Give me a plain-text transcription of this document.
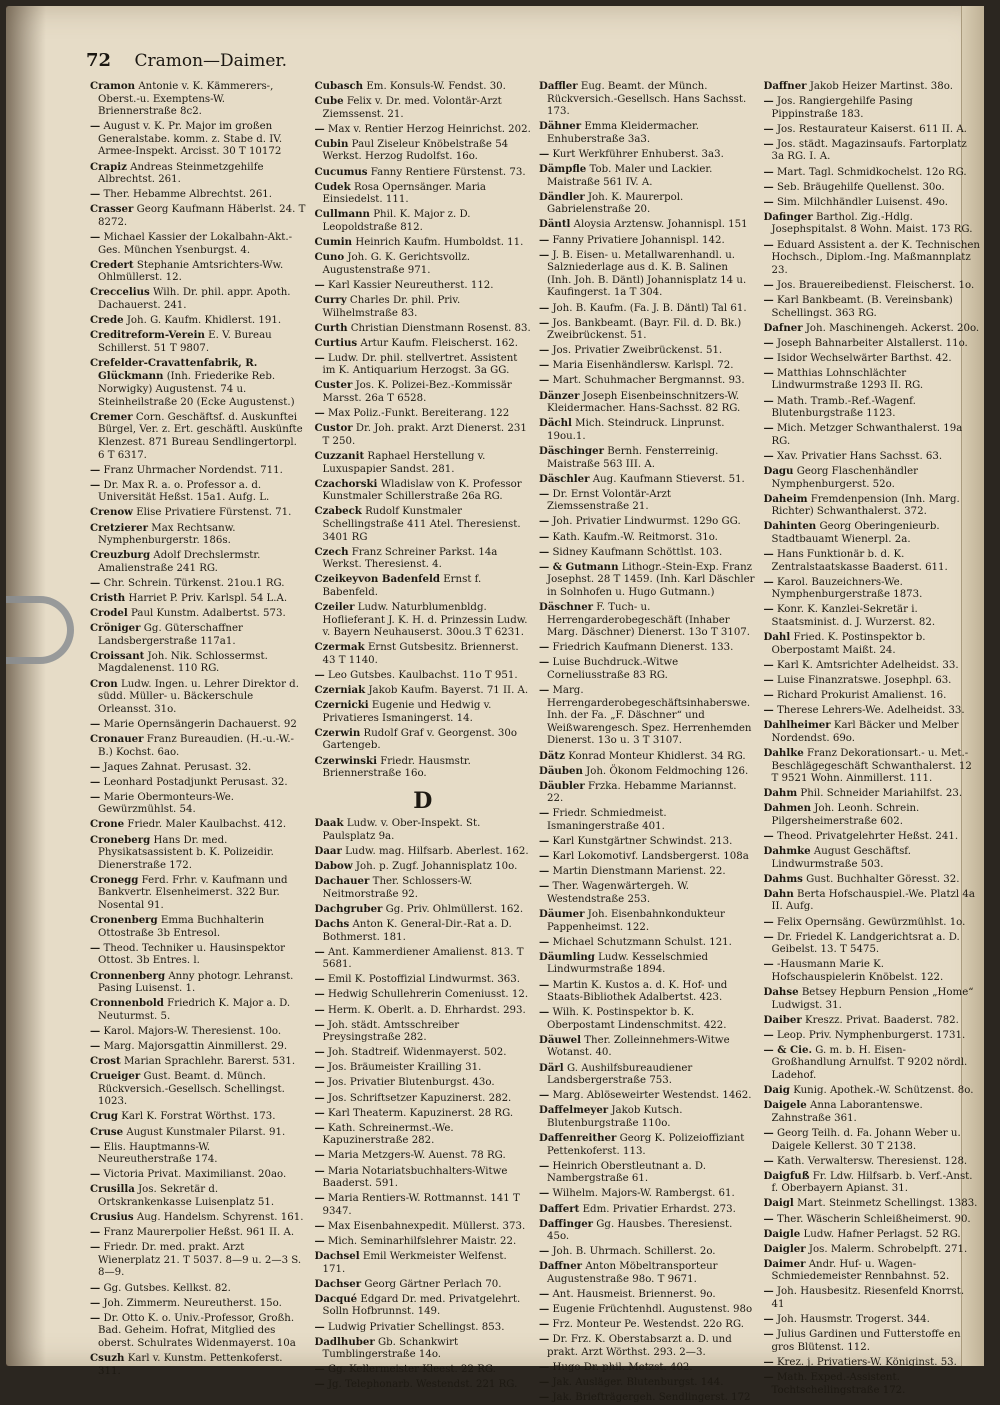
72 Cramon—Daimer.
Cramon Antonie v. K. Kämmerers-, Oberst.-u. Exemptens-W. Briennerstraße 8c2.
— August v. K. Pr. Major im großen Generalstabe. komm. z. Stabe d. IV. Armee-Inspekt. Arcisst. 30 T 10172
Crapiz Andreas Steinmetzgehilfe Albrechtst. 261.
— Ther. Hebamme Albrechtst. 261.
Crasser Georg Kaufmann Häberlst. 24. T 8272.
— Michael Kassier der Lokalbahn-Akt.-Ges. München Ysenburgst. 4.
Credert Stephanie Amtsrichters-Ww. Ohlmüllerst. 12.
Creccelius Wilh. Dr. phil. appr. Apoth. Dachauerst. 241.
Crede Joh. G. Kaufm. Khidlerst. 191.
Creditreform-Verein E. V. Bureau Schillerst. 51 T 9807.
Crefelder-Cravattenfabrik, R. Glückmann (Inh. Friederike Reb. Norwigky) Augustenst. 74 u. Steinheilstraße 20 (Ecke Augustenst.)
Cremer Corn. Geschäftsf. d. Auskunftei Bürgel, Ver. z. Ert. geschäftl. Auskünfte Klenzest. 871 Bureau Sendlingertorpl. 6 T 6317.
— Franz Uhrmacher Nordendst. 711.
— Dr. Max R. a. o. Professor a. d. Universität Heßst. 15a1. Aufg. L.
Crenow Elise Privatiere Fürstenst. 71.
Cretzierer Max Rechtsanw. Nymphenburgerstr. 186s.
Creuzburg Adolf Drechslermstr. Amalienstraße 241 RG.
— Chr. Schrein. Türkenst. 21ou.1 RG.
Cristh Harriet P. Priv. Karlspl. 54 L.A.
Crodel Paul Kunstm. Adalbertst. 573.
Cröniger Gg. Güterschaffner Landsbergerstraße 117a1.
Croissant Joh. Nik. Schlossermst. Magdalenenst. 110 RG.
Cron Ludw. Ingen. u. Lehrer Direktor d. südd. Müller- u. Bäckerschule Orleansst. 31o.
— Marie Opernsängerin Dachauerst. 92
Cronauer Franz Bureaudien. (H.-u.-W.-B.) Kochst. 6ao.
— Jaques Zahnat. Perusast. 32.
— Leonhard Postadjunkt Perusast. 32.
— Marie Obermonteurs-We. Gewürzmühlst. 54.
Crone Friedr. Maler Kaulbachst. 412.
Croneberg Hans Dr. med. Physikatsassistent b. K. Polizeidir. Dienerstraße 172.
Cronegg Ferd. Frhr. v. Kaufmann und Bankvertr. Elsenheimerst. 322 Bur. Nosental 91.
Cronenberg Emma Buchhalterin Ottostraße 3b Entresol.
— Theod. Techniker u. Hausinspektor Ottost. 3b Entres. l.
Cronnenberg Anny photogr. Lehranst. Pasing Luisenst. 1.
Cronnenbold Friedrich K. Major a. D. Neuturmst. 5.
— Karol. Majors-W. Theresienst. 10o.
— Marg. Majorsgattin Ainmillerst. 29.
Crost Marian Sprachlehr. Barerst. 531.
Crueiger Gust. Beamt. d. Münch. Rückversich.-Gesellsch. Schellingst. 1023.
Crug Karl K. Forstrat Wörthst. 173.
Cruse August Kunstmaler Pilarst. 91.
— Elis. Hauptmanns-W. Neureutherstraße 174.
— Victoria Privat. Maximilianst. 20ao.
Crusilla Jos. Sekretär d. Ortskrankenkasse Luisenplatz 51.
Crusius Aug. Handelsm. Schyrenst. 161.
— Franz Maurerpolier Heßst. 961 II. A.
— Friedr. Dr. med. prakt. Arzt Wienerplatz 21. T 5037. 8—9 u. 2—3 S. 8—9.
— Gg. Gutsbes. Kellkst. 82.
— Joh. Zimmerm. Neureutherst. 15o.
— Dr. Otto K. o. Univ.-Professor, Großh. Bad. Geheim. Hofrat, Mitglied des oberst. Schulrates Widenmayerst. 10a
Csuzh Karl v. Kunstm. Pettenkoferst. 311.
Cubasch Em. Konsuls-W. Fendst. 30.
Cube Felix v. Dr. med. Volontär-Arzt Ziemssenst. 21.
— Max v. Rentier Herzog Heinrichst. 202.
Cubin Paul Ziseleur Knöbelstraße 54 Werkst. Herzog Rudolfst. 16o.
Cucumus Fanny Rentiere Fürstenst. 73.
Cudek Rosa Opernsänger. Maria Einsiedelst. 111.
Cullmann Phil. K. Major z. D. Leopoldstraße 812.
Cumin Heinrich Kaufm. Humboldst. 11.
Cuno Joh. G. K. Gerichtsvollz. Augustenstraße 971.
— Karl Kassier Neureutherst. 112.
Curry Charles Dr. phil. Priv. Wilhelmstraße 83.
Curth Christian Dienstmann Rosenst. 83.
Curtius Artur Kaufm. Fleischerst. 162.
— Ludw. Dr. phil. stellvertret. Assistent im K. Antiquarium Herzogst. 3a GG.
Custer Jos. K. Polizei-Bez.-Kommissär Marsst. 26a T 6528.
— Max Poliz.-Funkt. Bereiterang. 122
Custor Dr. Joh. prakt. Arzt Dienerst. 231 T 250.
Cuzzanit Raphael Herstellung v. Luxuspapier Sandst. 281.
Czachorski Wladislaw von K. Professor Kunstmaler Schillerstraße 26a RG.
Czabeck Rudolf Kunstmaler Schellingstraße 411 Atel. Theresienst. 3401 RG
Czech Franz Schreiner Parkst. 14a Werkst. Theresienst. 4.
Czeikeyvon Badenfeld Ernst f. Babenfeld.
Czeiler Ludw. Naturblumenbldg. Hoflieferant J. K. H. d. Prinzessin Ludw. v. Bayern Neuhauserst. 30ou.3 T 6231.
Czermak Ernst Gutsbesitz. Briennerst. 43 T 1140.
— Leo Gutsbes. Kaulbachst. 11o T 951.
Czerniak Jakob Kaufm. Bayerst. 71 II. A.
Czernicki Eugenie und Hedwig v. Privatieres Ismaningerst. 14.
Czerwin Rudolf Graf v. Georgenst. 30o Gartengeb.
Czerwinski Friedr. Hausmstr. Briennerstraße 16o.
D
Daak Ludw. v. Ober-Inspekt. St. Paulsplatz 9a.
Daar Ludw. mag. Hilfsarb. Aberlest. 162.
Dabow Joh. p. Zugf. Johannisplatz 10o.
Dachauer Ther. Schlossers-W. Neitmorstraße 92.
Dachgruber Gg. Priv. Ohlmüllerst. 162.
Dachs Anton K. General-Dir.-Rat a. D. Bothmerst. 181.
— Ant. Kammerdiener Amalienst. 813. T 5681.
— Emil K. Postoffizial Lindwurmst. 363.
— Hedwig Schullehrerin Comeniusst. 12.
— Herm. K. Oberlt. a. D. Ehrhardst. 293.
— Joh. städt. Amtsschreiber Preysingstraße 282.
— Joh. Stadtreif. Widenmayerst. 502.
— Jos. Bräumeister Krailling 31.
— Jos. Privatier Blutenburgst. 43o.
— Jos. Schriftsetzer Kapuzinerst. 282.
— Karl Theaterm. Kapuzinerst. 28 RG.
— Kath. Schreinermst.-We. Kapuzinerstraße 282.
— Maria Metzgers-W. Auenst. 78 RG.
— Maria Notariatsbuchhalters-Witwe Baaderst. 591.
— Maria Rentiers-W. Rottmannst. 141 T 9347.
— Max Eisenbahnexpedit. Müllerst. 373.
— Mich. Seminarhilfslehrer Maistr. 22.
Dachsel Emil Werkmeister Welfenst. 171.
Dachser Georg Gärtner Perlach 70.
Dacqué Edgard Dr. med. Privatgelehrt. Solln Hofbrunnst. 149.
— Ludwig Privatier Schellingst. 853.
Dadlhuber Gb. Schankwirt Tumblingerstraße 14o.
— Gg. Kellermeister Kleest. 22 RG.
— Jg. Telephonarb. Westendst. 221 RG.
Daffler Eug. Beamt. der Münch. Rückversich.-Gesellsch. Hans Sachsst. 173.
Dähner Emma Kleidermacher. Enhuberstraße 3a3.
— Kurt Werkführer Enhuberst. 3a3.
Dämpfle Tob. Maler und Lackier. Maistraße 561 IV. A.
Dändler Joh. K. Maurerpol. Gabrielenstraße 20.
Däntl Aloysia Arztensw. Johannispl. 151
— Fanny Privatiere Johannispl. 142.
— J. B. Eisen- u. Metallwarenhandl. u. Salzniederlage aus d. K. B. Salinen (Inh. Joh. B. Däntl) Johannisplatz 14 u. Kaufingerst. 1a T 304.
— Joh. B. Kaufm. (Fa. J. B. Däntl) Tal 61.
— Jos. Bankbeamt. (Bayr. Fil. d. D. Bk.) Zweibrückenst. 51.
— Jos. Privatier Zweibrückenst. 51.
— Maria Eisenhändlersw. Karlspl. 72.
— Mart. Schuhmacher Bergmannst. 93.
Dänzer Joseph Eisenbeinschnitzers-W. Kleidermacher. Hans-Sachsst. 82 RG.
Dächl Mich. Steindruck. Linprunst. 19ou.1.
Däschinger Bernh. Fensterreinig. Maistraße 563 III. A.
Däschler Aug. Kaufmann Stieverst. 51.
— Dr. Ernst Volontär-Arzt Ziemssenstraße 21.
— Joh. Privatier Lindwurmst. 129o GG.
— Kath. Kaufm.-W. Reitmorst. 31o.
— Sidney Kaufmann Schöttlst. 103.
— & Gutmann Lithogr.-Stein-Exp. Franz Josephst. 28 T 1459. (Inh. Karl Däschler in Solnhofen u. Hugo Gutmann.)
Däschner F. Tuch- u. Herrengarderobegeschäft (Inhaber Marg. Däschner) Dienerst. 13o T 3107.
— Friedrich Kaufmann Dienerst. 133.
— Luise Buchdruck.-Witwe Corneliusstraße 83 RG.
— Marg. Herrengarderobegeschäftsinhaberswe. Inh. der Fa. „F. Däschner“ und Weißwarengesch. Spez. Herrenhemden Dienerst. 13o u. 3 T 3107.
Dätz Konrad Monteur Khidlerst. 34 RG.
Däuben Joh. Ökonom Feldmoching 126.
Däubler Frzka. Hebamme Mariannst. 22.
— Friedr. Schmiedmeist. Ismaningerstraße 401.
— Karl Kunstgärtner Schwindst. 213.
— Karl Lokomotivf. Landsbergerst. 108a
— Martin Dienstmann Marienst. 22.
— Ther. Wagenwärtergeh. W. Westendstraße 253.
Däumer Joh. Eisenbahnkondukteur Pappenheimst. 122.
— Michael Schutzmann Schulst. 121.
Däumling Ludw. Kesselschmied Lindwurmstraße 1894.
— Martin K. Kustos a. d. K. Hof- und Staats-Bibliothek Adalbertst. 423.
— Wilh. K. Postinspektor b. K. Oberpostamt Lindenschmitst. 422.
Däuwel Ther. Zolleinnehmers-Witwe Wotanst. 40.
Därl G. Aushilfsbureaudiener Landsbergerstraße 753.
— Marg. Ablöseweirter Westendst. 1462.
Daffelmeyer Jakob Kutsch. Blutenburgstraße 110o.
Daffenreither Georg K. Polizeioffiziant Pettenkoferst. 113.
— Heinrich Oberstleutnant a. D. Nambergstraße 61.
— Wilhelm. Majors-W. Rambergst. 61.
Daffert Edm. Privatier Erhardst. 273.
Daffinger Gg. Hausbes. Theresienst. 45o.
— Joh. B. Uhrmach. Schillerst. 2o.
Daffner Anton Möbeltransporteur Augustenstraße 98o. T 9671.
— Ant. Hausmeist. Briennerst. 9o.
— Eugenie Früchtenhdl. Augustenst. 98o
— Frz. Monteur Pe. Westendst. 22o RG.
— Dr. Frz. K. Oberstabsarzt a. D. und prakt. Arzt Wörthst. 293. 2—3.
— Hugo Dr. phil. Metzst. 402.
— Jak. Ausläger. Blutenburgst. 144.
— Jak. Briefträgergeh. Sendlingerst. 172
Daffner Jakob Heizer Martinst. 38o.
— Jos. Rangiergehilfe Pasing Pippinstraße 183.
— Jos. Restaurateur Kaiserst. 611 II. A.
— Jos. städt. Magazinsaufs. Fartorplatz 3a RG. I. A.
— Mart. Tagl. Schmidkochelst. 12o RG.
— Seb. Bräugehilfe Quellenst. 30o.
— Sim. Milchhändler Luisenst. 49o.
Dafinger Barthol. Zig.-Hdlg. Josephspitalst. 8 Wohn. Maist. 173 RG.
— Eduard Assistent a. der K. Technischen Hochsch., Diplom.-Ing. Maßmannplatz 23.
— Jos. Brauereibedienst. Fleischerst. 1o.
— Karl Bankbeamt. (B. Vereinsbank) Schellingst. 363 RG.
Dafner Joh. Maschinengeh. Ackerst. 20o.
— Joseph Bahnarbeiter Alstallerst. 11o.
— Isidor Wechselwärter Barthst. 42.
— Matthias Lohnschlächter Lindwurmstraße 1293 II. RG.
— Math. Tramb.-Ref.-Wagenf. Blutenburgstraße 1123.
— Mich. Metzger Schwanthalerst. 19a RG.
— Xav. Privatier Hans Sachsst. 63.
Dagu Georg Flaschenhändler Nymphenburgerst. 52o.
Daheim Fremdenpension (Inh. Marg. Richter) Schwanthalerst. 372.
Dahinten Georg Oberingenieurb. Stadtbauamt Wienerpl. 2a.
— Hans Funktionär b. d. K. Zentralstaatskasse Baaderst. 611.
— Karol. Bauzeichners-We. Nymphenburgerstraße 1873.
— Konr. K. Kanzlei-Sekretär i. Staatsminist. d. J. Wurzerst. 82.
Dahl Fried. K. Postinspektor b. Oberpostamt Maißt. 24.
— Karl K. Amtsrichter Adelheidst. 33.
— Luise Finanzratswe. Josephpl. 63.
— Richard Prokurist Amalienst. 16.
— Therese Lehrers-We. Adelheidst. 33.
Dahlheimer Karl Bäcker und Melber Nordendst. 69o.
Dahlke Franz Dekorationsart.- u. Met.-Beschlägegeschäft Schwanthalerst. 12 T 9521 Wohn. Ainmillerst. 111.
Dahm Phil. Schneider Mariahilfst. 23.
Dahmen Joh. Leonh. Schrein. Pilgersheimerstraße 602.
— Theod. Privatgelehrter Heßst. 241.
Dahmke August Geschäftsf. Lindwurmstraße 503.
Dahms Gust. Buchhalter Göresst. 32.
Dahn Berta Hofschauspiel.-We. Platzl 4a II. Aufg.
— Felix Opernsäng. Gewürzmühlst. 1o.
— Dr. Friedel K. Landgerichtsrat a. D. Geibelst. 13. T 5475.
— -Hausmann Marie K. Hofschauspielerin Knöbelst. 122.
Dahse Betsey Hepburn Pension „Home“ Ludwigst. 31.
Daiber Kreszz. Privat. Baaderst. 782.
— Leop. Priv. Nymphenburgerst. 1731.
— & Cie. G. m. b. H. Eisen-Großhandlung Arnulfst. T 9202 nördl. Ladehof.
Daig Kunig. Apothek.-W. Schützenst. 8o.
Daigele Anna Laborantenswe. Zahnstraße 361.
— Georg Teilh. d. Fa. Johann Weber u. Daigele Kellerst. 30 T 2138.
— Kath. Verwaltersw. Theresienst. 128.
Daigfuß Fr. Ldw. Hilfsarb. b. Verf.-Anst. f. Oberbayern Apianst. 31.
Daigl Mart. Steinmetz Schellingst. 1383.
— Ther. Wäscherin Schleißheimerst. 90.
Daigle Ludw. Hafner Perlagst. 52 RG.
Daigler Jos. Malerm. Schrobelpft. 271.
Daimer Andr. Huf- u. Wagen-Schmiedemeister Rennbahnst. 52.
— Joh. Hausbesitz. Riesenfeld Knorrst. 41
— Joh. Hausmstr. Trogerst. 344.
— Julius Gardinen und Futterstoffe en gros Blütenst. 112.
— Krez. j. Privatiers-W. Königinst. 53.
— Math. Exped.-Assistent. Tochtschellingstraße 172.
